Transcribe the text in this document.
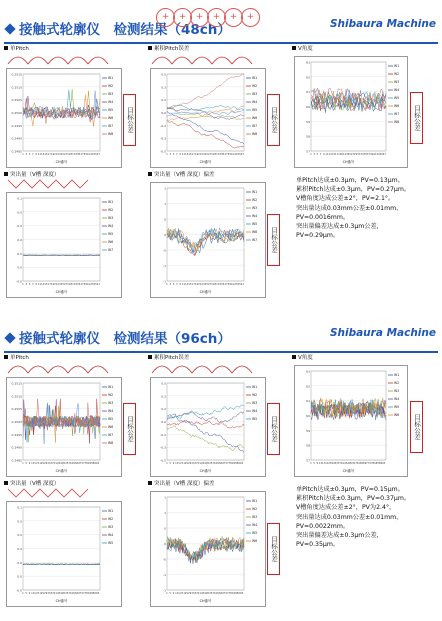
接触式轮廓仪　检测结果（48ch）
+ + + + + +
Shibaura Machine
单Pitch
0.2515
0.2510
0.2505
0.2500
0.2495
0.2490
0.2485
1 3 5 7 9 11 13 15 17 19 21 23 25 27 29 31 33 35 37 39 41 43 45 47
CH番号
W1
W2
W3
W4
W5
W6
W7
W8
目标公差
累积Pitch误差
0.5
0.3
0.2
0.0
-0.2
-0.3
-0.5
1 3 5 7 9 11 13 15 17 19 21 23 25 27 29 31 33 35 37 39 41 43 45 47
CH番号
W1
W2
W3
W4
W5
W6
W7
W8
目标公差
V角度
63
62
61
60
59
58
57
1 3 5 7 9 11 13 15 17 19 21 23 25 27 29 31 33 35 37 39 41 43 45 47
CH番号
W1
W2
W3
W4
W5
W6
W7
W8	目标公差
突出量（V槽 深度）
0.1
0.0
0.0
0.0
0.0
0.0
-0.0
1 3 5 7 9 11 13 15 17 19 21 23 25 27 29 31 33 35 37 39 41 43 45 47
CH番号
W1
W2
W3
W4
W5
W6
W7
突出量（V槽 深度）偏差
1
1
0
0
-0
-1
-1
1 3 5 7 9 11 13 15 17 19 21 23 25 27 29 31 33 35 37 39 41 43 45 47
CH番号
W1
W2
W3
W4
W5
W6
W7	目标公差
单Pitch达成±0.3μm，PV=0.13μm。
累积Pitch达成±0.3μm，PV=0.27μm。
V槽角度达成公差±2°，PV=2.1°。
突出量达成0.03mm公差±0.01mm，
PV=0.0016mm。
突出量偏差达成±0.3μm公差，
PV=0.29μm。
接触式轮廓仪　检测结果（96ch）	Shibaura Machine
单Pitch
0.2515
0.2510
0.2505
0.2500
0.2495
0.2490
0.2485
1 5 9 13 17 21 25 29 33 37 41 45 49 53 57 61 65 69 73 77 81 85 89 93
CH番号
W1
W2
W3
W4
W5
W6
W7
W8
目标公差
累积Pitch误差
0.5
0.3
0.2
0.0
-0.2
-0.3
-0.5
1 5 9 13 17 21 25 29 33 37 41 45 49 53 57 61 65 69 73 77 81 85 89 93
CH番号
W1
W2
W3
W4
W5	目标公差
V角度
63
62
61
60
59
58
57
1 5 9 13 17 21 25 29 33 37 41 45 49 53 57 61 65 69 73 77 81 85 89 93
CH番号
W1
W2
W3
W4
W5
W6	目标公差
突出量（V槽 深度）
0.1
0.0
0.0
0.0
0.0
0.0
-0.0
1 5 9 13 17 21 25 29 33 37 41 45 49 53 57 61 65 69 73 77 81 85 89 93
CH番号
W1
W2
W3
W4
W5
突出量（V槽 深度）偏差
1
1
0
0
-0
-1
-1
1 5 9 13 17 21 25 29 33 37 41 45 49 53 57 61 65 69 73 77 81 85 89 93
CH番号
W1
W2
W3
W4
W5
W6	目标公差
单Pitch达成±0.3μm，PV=0.15μm。
累积Pitch达成±0.3μm，PV=0.37μm。
V槽角度达成公差±2°，PV为2.4°，
突出量达成0.03mm公差±0.01mm，
PV=0.0022mm。
突出量偏差达成±0.3μm公差，
PV=0.35μm。
